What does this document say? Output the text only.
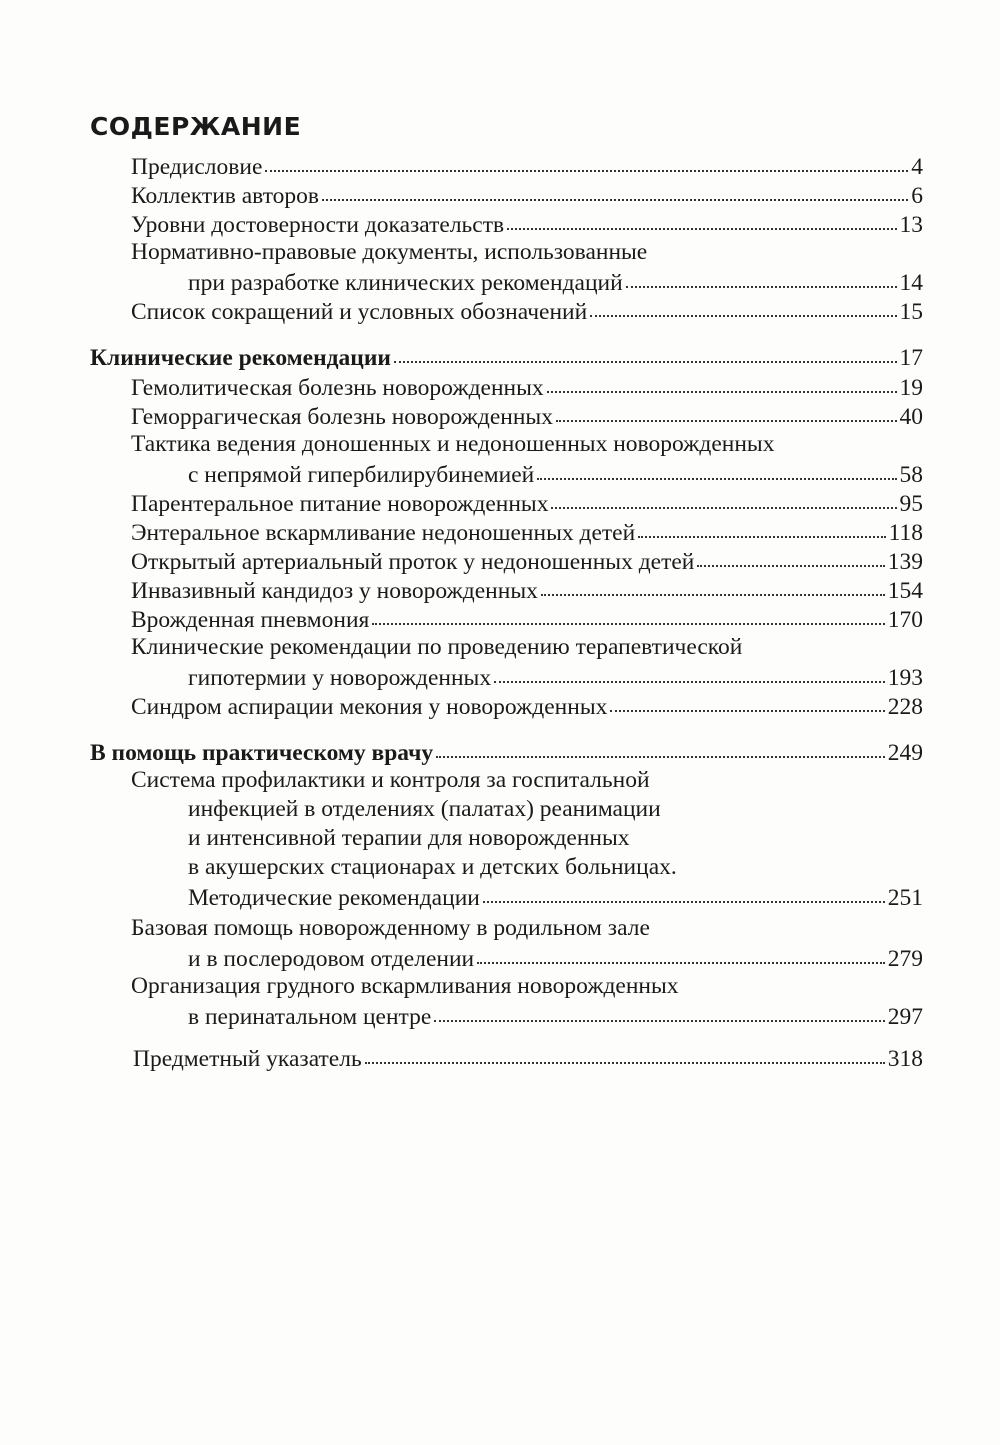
СОДЕРЖАНИЕ
Предисловие	4
Коллектив авторов	6
Уровни достоверности доказательств	13
Нормативно-правовые документы, использованные
при разработке клинических рекомендаций	14
Список сокращений и условных обозначений	15
Клинические рекомендации	17
Гемолитическая болезнь новорожденных	19
Геморрагическая болезнь новорожденных	40
Тактика ведения доношенных и недоношенных новорожденных
с непрямой гипербилирубинемией	58
Парентеральное питание новорожденных	95
Энтеральное вскармливание недоношенных детей	118
Открытый артериальный проток у недоношенных детей	139
Инвазивный кандидоз у новорожденных	154
Врожденная пневмония	170
Клинические рекомендации по проведению терапевтической
гипотермии у новорожденных	193
Синдром аспирации мекония у новорожденных	228
В помощь практическому врачу	249
Система профилактики и контроля за госпитальной
инфекцией в отделениях (палатах) реанимации
и интенсивной терапии для новорожденных
в акушерских стационарах и детских больницах.
Методические рекомендации	251
Базовая помощь новорожденному в родильном зале
и в послеродовом отделении	279
Организация грудного вскармливания новорожденных
в перинатальном центре	297
Предметный указатель	318
